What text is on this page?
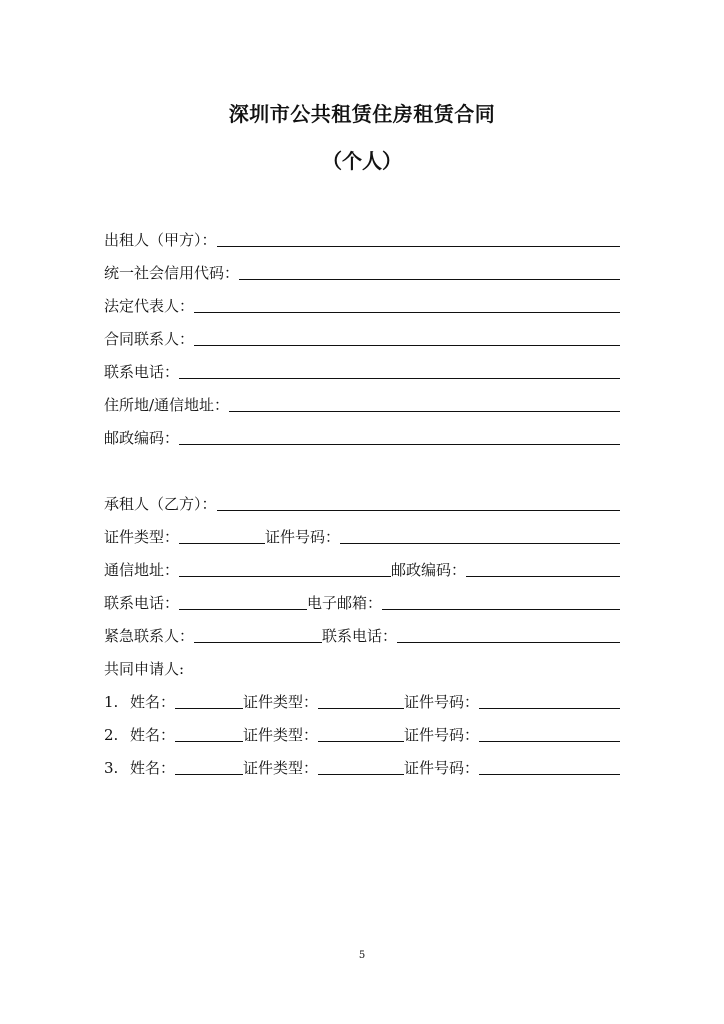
深圳市公共租赁住房租赁合同
（个人）
出租人（甲方）：
统一社会信用代码：
法定代表人：
合同联系人：
联系电话：
住所地/通信地址：
邮政编码：
承租人（乙方）：
证件类型：	证件号码：
通信地址：	邮政编码：
联系电话：	电子邮箱：
紧急联系人：	联系电话：
共同申请人:
1. 姓名：	证件类型：	证件号码：
2. 姓名：	证件类型：	证件号码：
3. 姓名：	证件类型：	证件号码：
5
